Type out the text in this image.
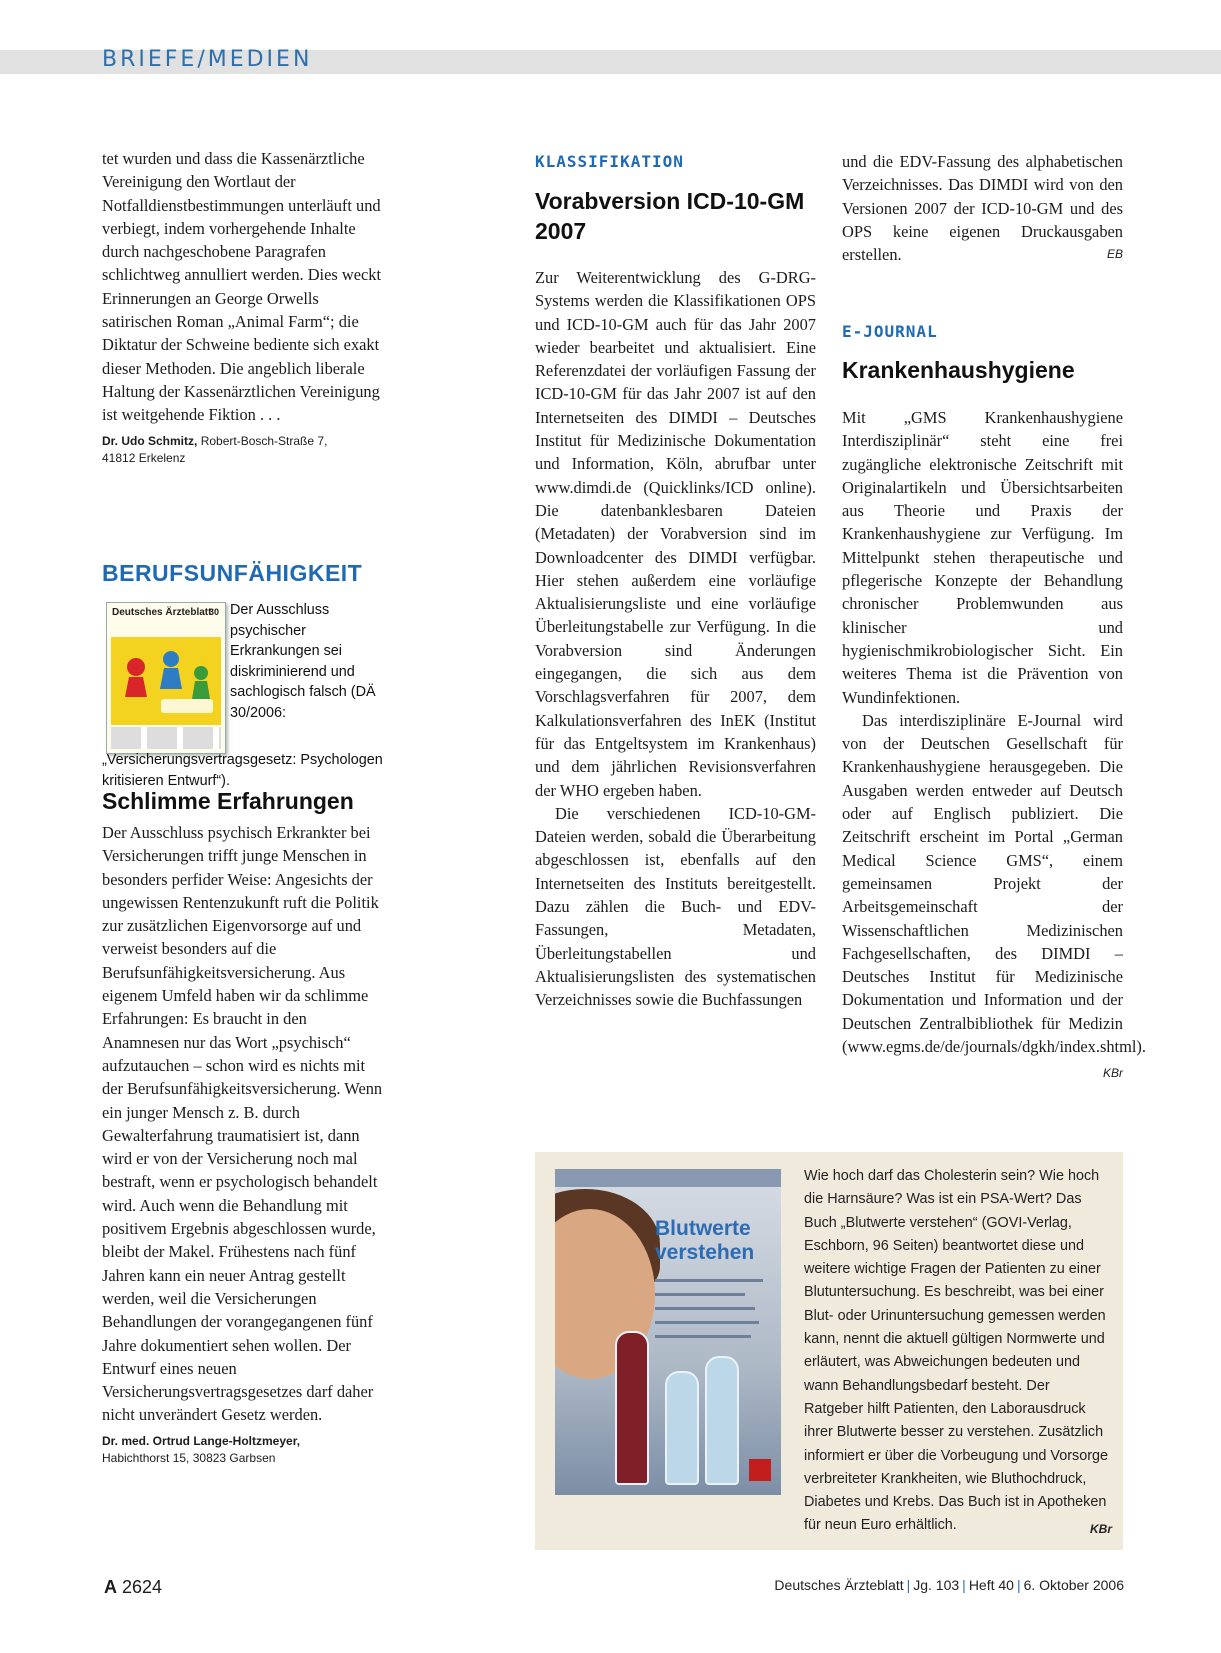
BRIEFE/MEDIEN

tet wurden und dass die Kassenärztliche Vereinigung den Wortlaut der Notfalldienstbestimmungen unterläuft und verbiegt, indem vorhergehende Inhalte durch nachgeschobene Paragrafen schlichtweg annulliert werden. Dies weckt Erinnerungen an George Orwells satirischen Roman „Animal Farm“; die Diktatur der Schweine bediente sich exakt dieser Methoden. Die angeblich liberale Haltung der Kassenärztlichen Vereinigung ist weitgehende Fiktion . . .

Dr. Udo Schmitz, Robert-Bosch-Straße 7,
41812 Erkelenz

BERUFSUNFÄHIGKEIT
Deutsches Ärzteblatt
30 Der Ausschluss psychischer Erkrankungen sei diskriminierend und sachlogisch falsch (DÄ 30/2006: „Versicherungsvertragsgesetz: Psychologen kritisieren Entwurf“).
Schlimme Erfahrungen

Der Ausschluss psychisch Erkrankter bei Versicherungen trifft junge Menschen in besonders perfider Weise: Angesichts der ungewissen Rentenzukunft ruft die Politik zur zusätzlichen Eigenvorsorge auf und verweist besonders auf die Berufsunfähigkeitsversicherung. Aus eigenem Umfeld haben wir da schlimme Erfahrungen: Es braucht in den Anamnesen nur das Wort „psychisch“ aufzutauchen – schon wird es nichts mit der Berufsunfähigkeitsversicherung. Wenn ein junger Mensch z. B. durch Gewalterfahrung traumatisiert ist, dann wird er von der Versicherung noch mal bestraft, wenn er psychologisch behandelt wird. Auch wenn die Behandlung mit positivem Ergebnis abgeschlossen wurde, bleibt der Makel. Frühestens nach fünf Jahren kann ein neuer Antrag gestellt werden, weil die Versicherungen Behandlungen der vorangegangenen fünf Jahre dokumentiert sehen wollen. Der Entwurf eines neuen Versicherungsvertragsgesetzes darf daher nicht unverändert Gesetz werden.

Dr. med. Ortrud Lange-Holtzmeyer,
Habichthorst 15, 30823 Garbsen

KLASSIFIKATION
Vorabversion ICD-10-GM 2007

Zur Weiterentwicklung des G-DRG-Systems werden die Klassifikationen OPS und ICD-10-GM auch für das Jahr 2007 wieder bearbeitet und aktualisiert. Eine Referenzdatei der vorläufigen Fassung der ICD-10-GM für das Jahr 2007 ist auf den Internetseiten des DIMDI – Deutsches Institut für Medizinische Dokumentation und Information, Köln, abrufbar unter www.dimdi.de (Quicklinks/ICD online). Die datenbanklesbaren Dateien (Metadaten) der Vorabversion sind im Downloadcenter des DIMDI verfügbar. Hier stehen außerdem eine vorläufige Aktualisierungsliste und eine vorläufige Überleitungstabelle zur Verfügung. In die Vorabversion sind Änderungen eingegangen, die sich aus dem Vorschlagsverfahren für 2007, dem Kalkulationsverfahren des InEK (Institut für das Entgeltsystem im Krankenhaus) und dem jährlichen Revisionsverfahren der WHO ergeben haben.

Die verschiedenen ICD-10-GM-Dateien werden, sobald die Überarbeitung abgeschlossen ist, ebenfalls auf den Internetseiten des Instituts bereitgestellt. Dazu zählen die Buch- und EDV-Fassungen, Metadaten, Überleitungstabellen und Aktualisierungslisten des systematischen Verzeichnisses sowie die Buchfassungen

und die EDV-Fassung des alphabetischen Verzeichnisses. Das DIMDI wird von den Versionen 2007 der ICD-10-GM und des OPS keine eigenen Druckausgaben erstellen.	EB

E-JOURNAL
Krankenhaushygiene

Mit „GMS Krankenhaushygiene Interdisziplinär“ steht eine frei zugängliche elektronische Zeitschrift mit Originalartikeln und Übersichtsarbeiten aus Theorie und Praxis der Krankenhaushygiene zur Verfügung. Im Mittelpunkt stehen therapeutische und pflegerische Konzepte der Behandlung chronischer Problemwunden aus klinischer und hygienischmikrobiologischer Sicht. Ein weiteres Thema ist die Prävention von Wundinfektionen.

Das interdisziplinäre E-Journal wird von der Deutschen Gesellschaft für Krankenhaushygiene herausgegeben. Die Ausgaben werden entweder auf Deutsch oder auf Englisch publiziert. Die Zeitschrift erscheint im Portal „German Medical Science GMS“, einem gemeinsamen Projekt der Arbeitsgemeinschaft der Wissenschaftlichen Medizinischen Fachgesellschaften, des DIMDI – Deutsches Institut für Medizinische Dokumentation und Information und der Deutschen Zentralbibliothek für Medizin (www.egms.de/de/journals/dgkh/index.shtml).
KBr

Blutwerte verstehen
Wie hoch darf das Cholesterin sein? Wie hoch die Harnsäure? Was ist ein PSA-Wert? Das Buch „Blutwerte verstehen“ (GOVI-Verlag, Eschborn, 96 Seiten) beantwortet diese und weitere wichtige Fragen der Patienten zu einer Blutuntersuchung. Es beschreibt, was bei einer Blut- oder Urinuntersuchung gemessen werden kann, nennt die aktuell gültigen Normwerte und erläutert, was Abweichungen bedeuten und wann Behandlungsbedarf besteht. Der Ratgeber hilft Patienten, den Laborausdruck ihrer Blutwerte besser zu verstehen. Zusätzlich informiert er über die Vorbeugung und Vorsorge verbreiteter Krankheiten, wie Bluthochdruck, Diabetes und Krebs. Das Buch ist in Apotheken für neun Euro erhältlich.	KBr
A 2624	Deutsches Ärzteblatt | Jg. 103 | Heft 40 | 6. Oktober 2006
